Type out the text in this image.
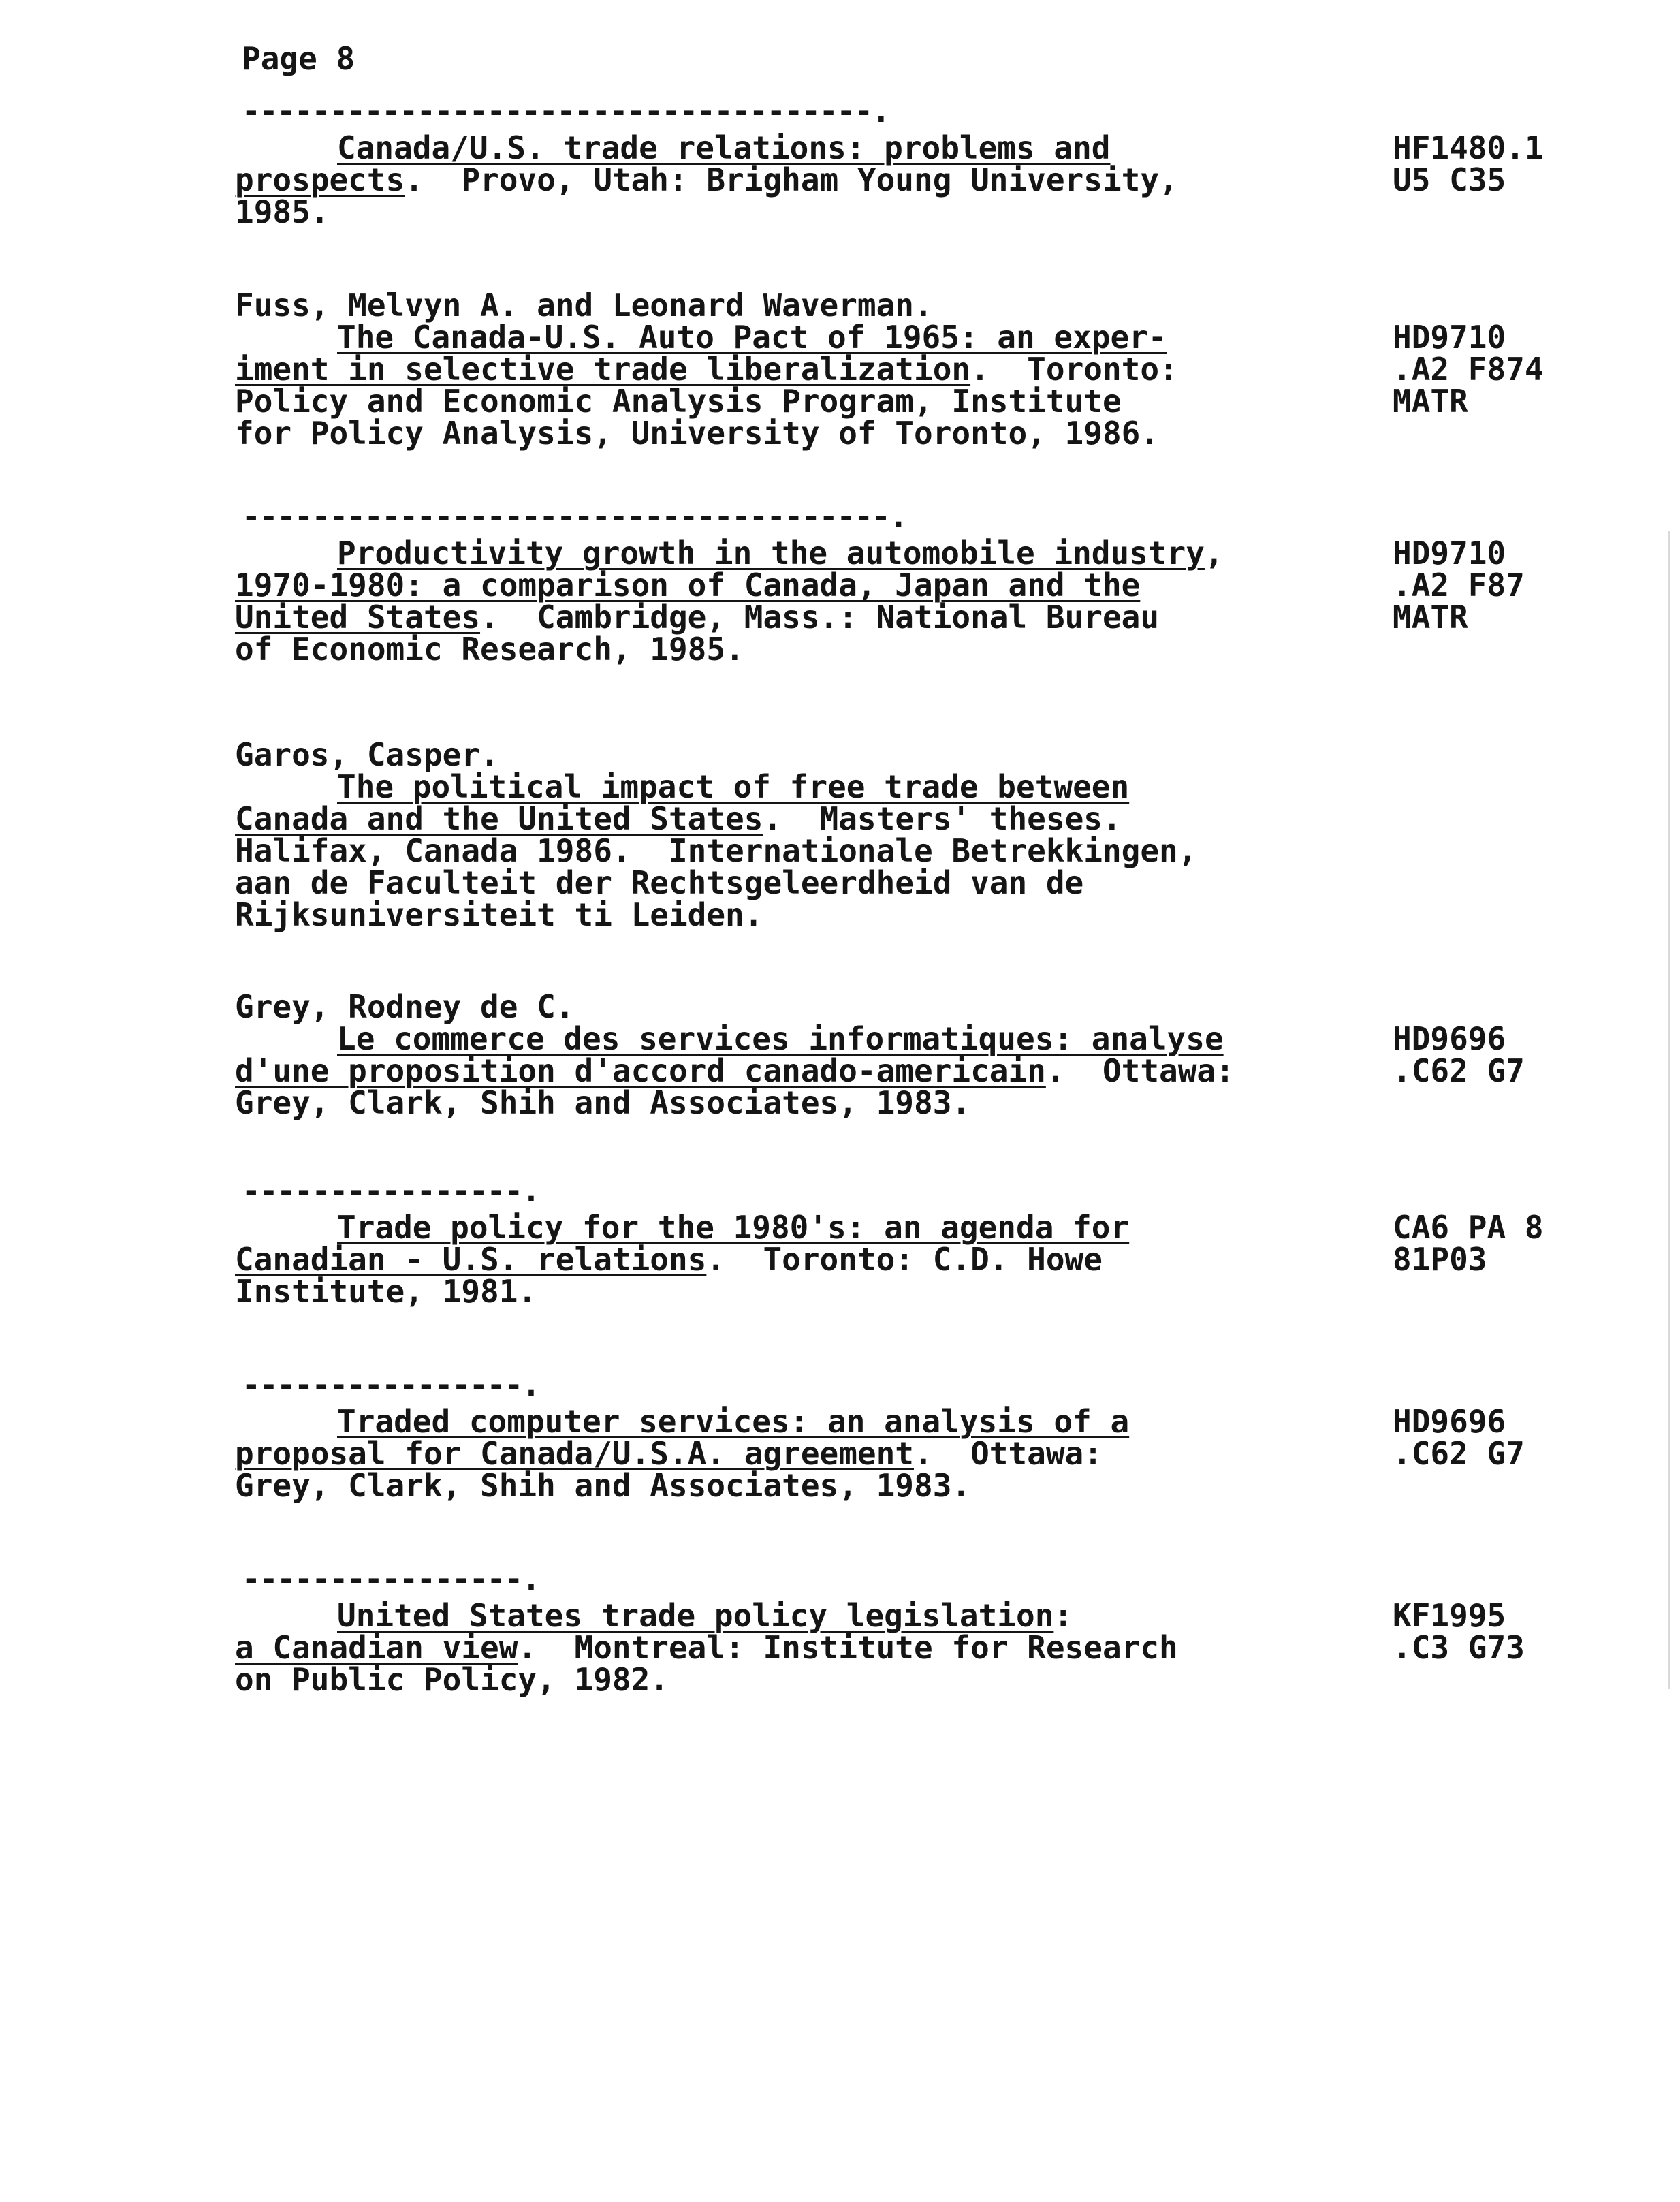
Page 8
------------------------------------.
Canada/U.S. trade relations: problems and
prospects.  Provo, Utah: Brigham Young University,
1985.
HF1480.1
U5 C35
Fuss, Melvyn A. and Leonard Waverman.
The Canada-U.S. Auto Pact of 1965: an exper-
iment in selective trade liberalization.  Toronto:
Policy and Economic Analysis Program, Institute
for Policy Analysis, University of Toronto, 1986.
HD9710
.A2 F874
MATR
-------------------------------------.
Productivity growth in the automobile industry,
1970-1980: a comparison of Canada, Japan and the
United States.  Cambridge, Mass.: National Bureau
of Economic Research, 1985.
HD9710
.A2 F87
MATR
Garos, Casper.
The political impact of free trade between
Canada and the United States.  Masters' theses.
Halifax, Canada 1986.  Internationale Betrekkingen,
aan de Faculteit der Rechtsgeleerdheid van de
Rijksuniversiteit ti Leiden.
Grey, Rodney de C.
Le commerce des services informatiques: analyse
d'une proposition d'accord canado-americain.  Ottawa:
Grey, Clark, Shih and Associates, 1983.
HD9696
.C62 G7
----------------.
Trade policy for the 1980's: an agenda for
Canadian - U.S. relations.  Toronto: C.D. Howe
Institute, 1981.
CA6 PA 8
81P03
----------------.
Traded computer services: an analysis of a
proposal for Canada/U.S.A. agreement.  Ottawa:
Grey, Clark, Shih and Associates, 1983.
HD9696
.C62 G7
----------------.
United States trade policy legislation:
a Canadian view.  Montreal: Institute for Research
on Public Policy, 1982.
KF1995
.C3 G73
